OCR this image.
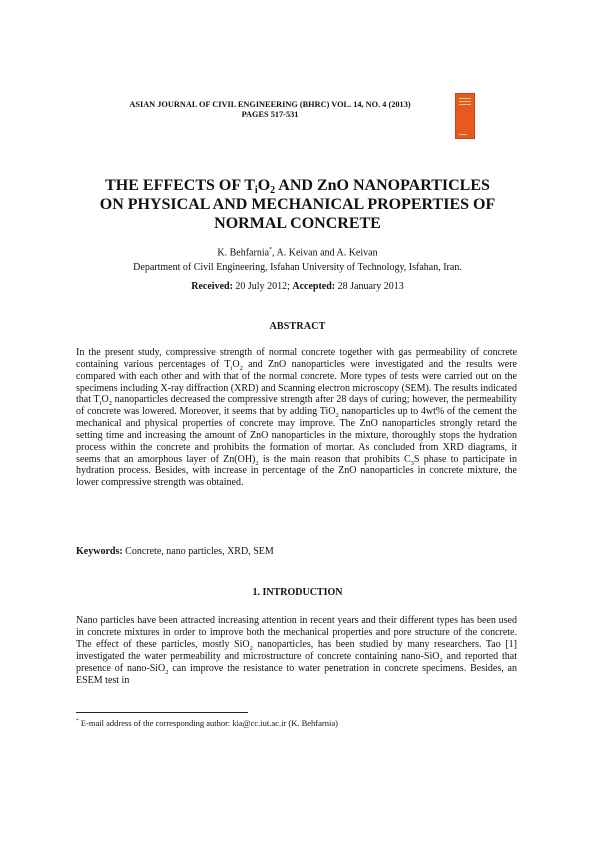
ASIAN JOURNAL OF CIVIL ENGINEERING (BHRC) VOL. 14, NO. 4 (2013)
PAGES 517-531
THE EFFECTS OF $T_iO_2$ AND ZnO NANOPARTICLES
ON PHYSICAL AND MECHANICAL PROPERTIES OF
NORMAL CONCRETE
K. Behfarnia*, A. Keivan and A. Keivan
Department of Civil Engineering, Isfahan University of Technology, Isfahan, Iran.
Received: 20 July 2012; Accepted: 28 January 2013
ABSTRACT
In the present study, compressive strength of normal concrete together with gas permeability of concrete containing various percentages of $T_iO_2$ and ZnO nanoparticles were investigated and the results were compared with each other and with that of the normal concrete. More types of tests were carried out on the specimens including X-ray diffraction (XRD) and Scanning electron microscopy (SEM). The results indicated that $T_iO_2$ nanoparticles decreased the compressive strength after 28 days of curing; however, the permeability of concrete was lowered. Moreover, it seems that by adding TiO$_2$ nanoparticles up to 4wt% of the cement the mechanical and physical properties of concrete may improve. The ZnO nanoparticles strongly retard the setting time and increasing the amount of ZnO nanoparticles in the mixture, thoroughly stops the hydration process within the concrete and prohibits the formation of mortar. As concluded from XRD diagrams, it seems that an amorphous layer of $Zn(OH)_2$ is the main reason that prohibits $C_3S$ phase to participate in hydration process. Besides, with increase in percentage of the ZnO nanoparticles in concrete mixture, the lower compressive strength was obtained.
Keywords: Concrete, nano particles, XRD, SEM
1. INTRODUCTION
Nano particles have been attracted increasing attention in recent years and their different types has been used in concrete mixtures in order to improve both the mechanical properties and pore structure of the concrete. The effect of these particles, mostly SiO$_2$ nanoparticles, has been studied by many researchers. Tao [1] investigated the water permeability and microstructure of concrete containing nano-SiO$_2$ and reported that presence of nano-SiO$_2$ can improve the resistance to water penetration in concrete specimens. Besides, an ESEM test in
* E-mail address of the corresponding author: kia@cc.iut.ac.ir (K. Behfarnia)
